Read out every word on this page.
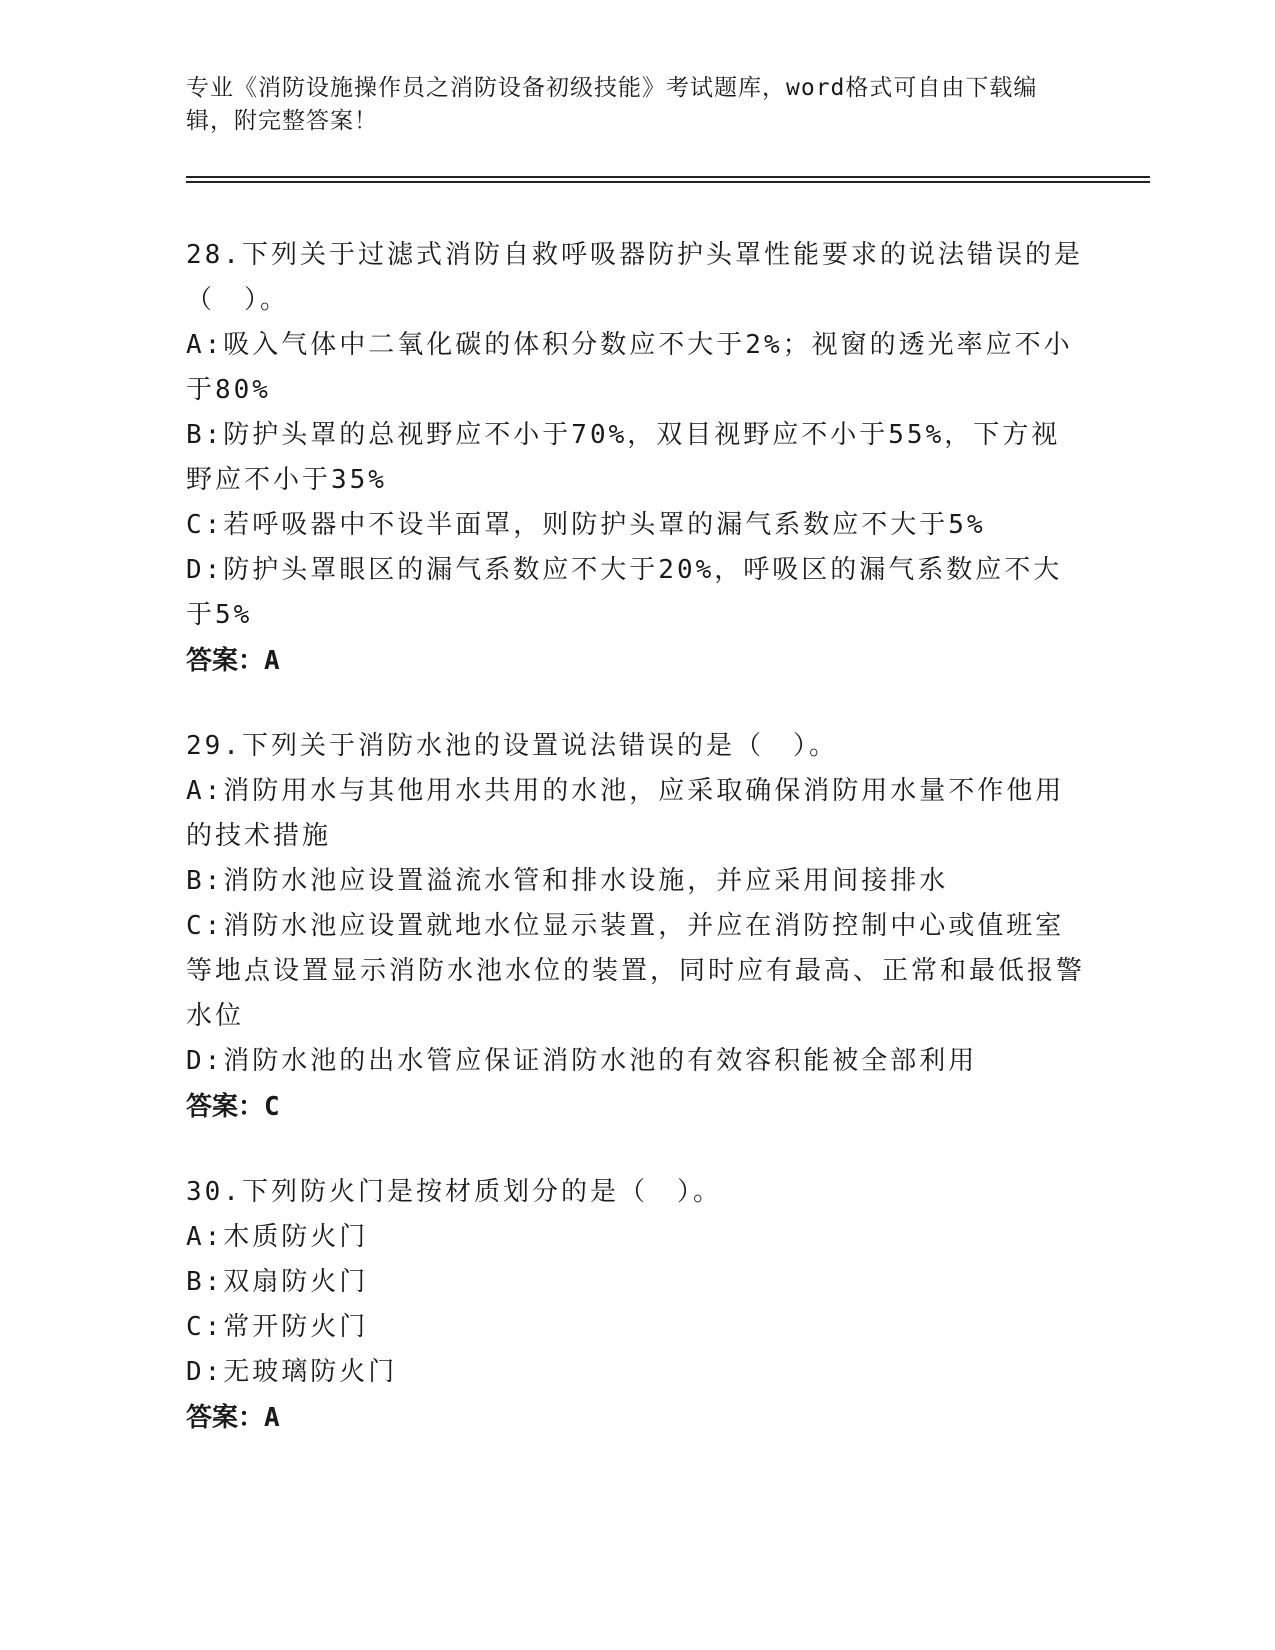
专业《消防设施操作员之消防设备初级技能》考试题库，word格式可自由下载编辑，附完整答案！

28.下列关于过滤式消防自救呼吸器防护头罩性能要求的说法错误的是（　）。

A:吸入气体中二氧化碳的体积分数应不大于2%；视窗的透光率应不小于80%

B:防护头罩的总视野应不小于70%，双目视野应不小于55%，下方视野应不小于35%

C:若呼吸器中不设半面罩，则防护头罩的漏气系数应不大于5%

D:防护头罩眼区的漏气系数应不大于20%，呼吸区的漏气系数应不大于5%

答案：A

29.下列关于消防水池的设置说法错误的是（　）。

A:消防用水与其他用水共用的水池，应采取确保消防用水量不作他用的技术措施

B:消防水池应设置溢流水管和排水设施，并应采用间接排水

C:消防水池应设置就地水位显示装置，并应在消防控制中心或值班室等地点设置显示消防水池水位的装置，同时应有最高、正常和最低报警水位

D:消防水池的出水管应保证消防水池的有效容积能被全部利用

答案：C

30.下列防火门是按材质划分的是（　）。

A:木质防火门

B:双扇防火门

C:常开防火门

D:无玻璃防火门

答案：A
